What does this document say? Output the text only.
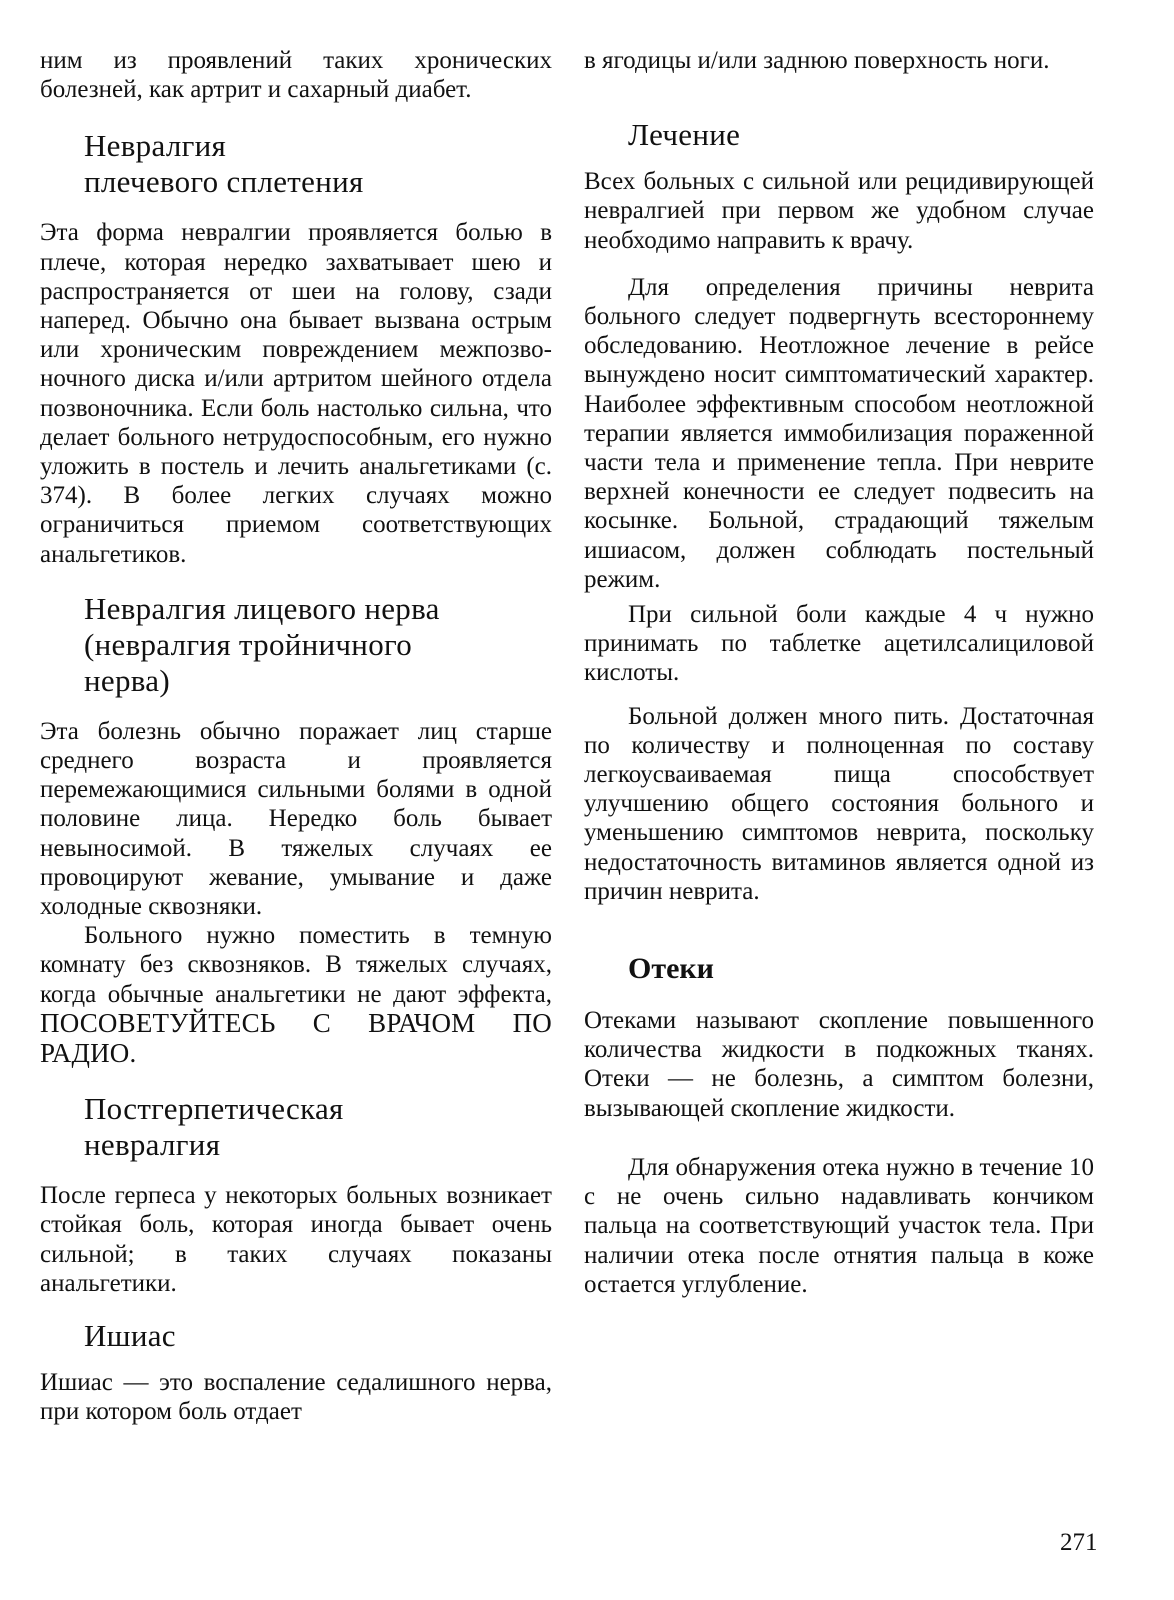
ним из проявлений таких хронических болезней, как артрит и сахарный диабет.

Невралгия
плечевого сплетения

Эта форма невралгии проявляется болью в плече, которая нередко захватывает шею и распространяется от шеи на голову, сзади наперед. Обычно она бывает вызвана острым или хроническим повреждением межпозвоночного диска и/или артритом шейного отдела позвоночника. Если боль настолько сильна, что делает больного нетрудоспособным, его нужно уложить в постель и лечить анальгетиками (с. 374). В более легких случаях можно ограничиться приемом соответствующих анальгетиков.

Невралгия лицевого нерва
(невралгия тройничного
нерва)

Эта болезнь обычно поражает лиц старше среднего возраста и проявляется перемежающимися сильными болями в одной половине лица. Нередко боль бывает невыносимой. В тяжелых случаях ее провоцируют жевание, умывание и даже холодные сквозняки.

Больного нужно поместить в темную комнату без сквозняков. В тяжелых случаях, когда обычные анальгетики не дают эффекта, ПОСОВЕТУЙТЕСЬ С ВРАЧОМ ПО РАДИО.

Постгерпетическая
невралгия

После герпеса у некоторых больных возникает стойкая боль, которая иногда бывает очень сильной; в таких случаях показаны анальгетики.

Ишиас

Ишиас — это воспаление седалишного нерва, при котором боль отдает

в ягодицы и/или заднюю поверхность ноги.

Лечение

Всех больных с сильной или рецидивирующей невралгией при первом же удобном случае необходимо направить к врачу.

Для определения причины неврита больного следует подвергнуть всестороннему обследованию. Неотложное лечение в рейсе вынуждено носит симптоматический характер. Наиболее эффективным способом неотложной терапии является иммобилизация пораженной части тела и применение тепла. При неврите верхней конечности ее следует подвесить на косынке. Больной, страдающий тяжелым ишиасом, должен соблюдать постельный режим.

При сильной боли каждые 4 ч нужно принимать по таблетке ацетилсалициловой кислоты.

Больной должен много пить. Достаточная по количеству и полноценная по составу легкоусваиваемая пища способствует улучшению общего состояния больного и уменьшению симптомов неврита, поскольку недостаточность витаминов является одной из причин неврита.

Отеки

Отеками называют скопление повышенного количества жидкости в подкожных тканях. Отеки — не болезнь, а симптом болезни, вызывающей скопление жидкости.

Для обнаружения отека нужно в течение 10 с не очень сильно надавливать кончиком пальца на соответствующий участок тела. При наличии отека после отнятия пальца в коже остается углубление.

271
